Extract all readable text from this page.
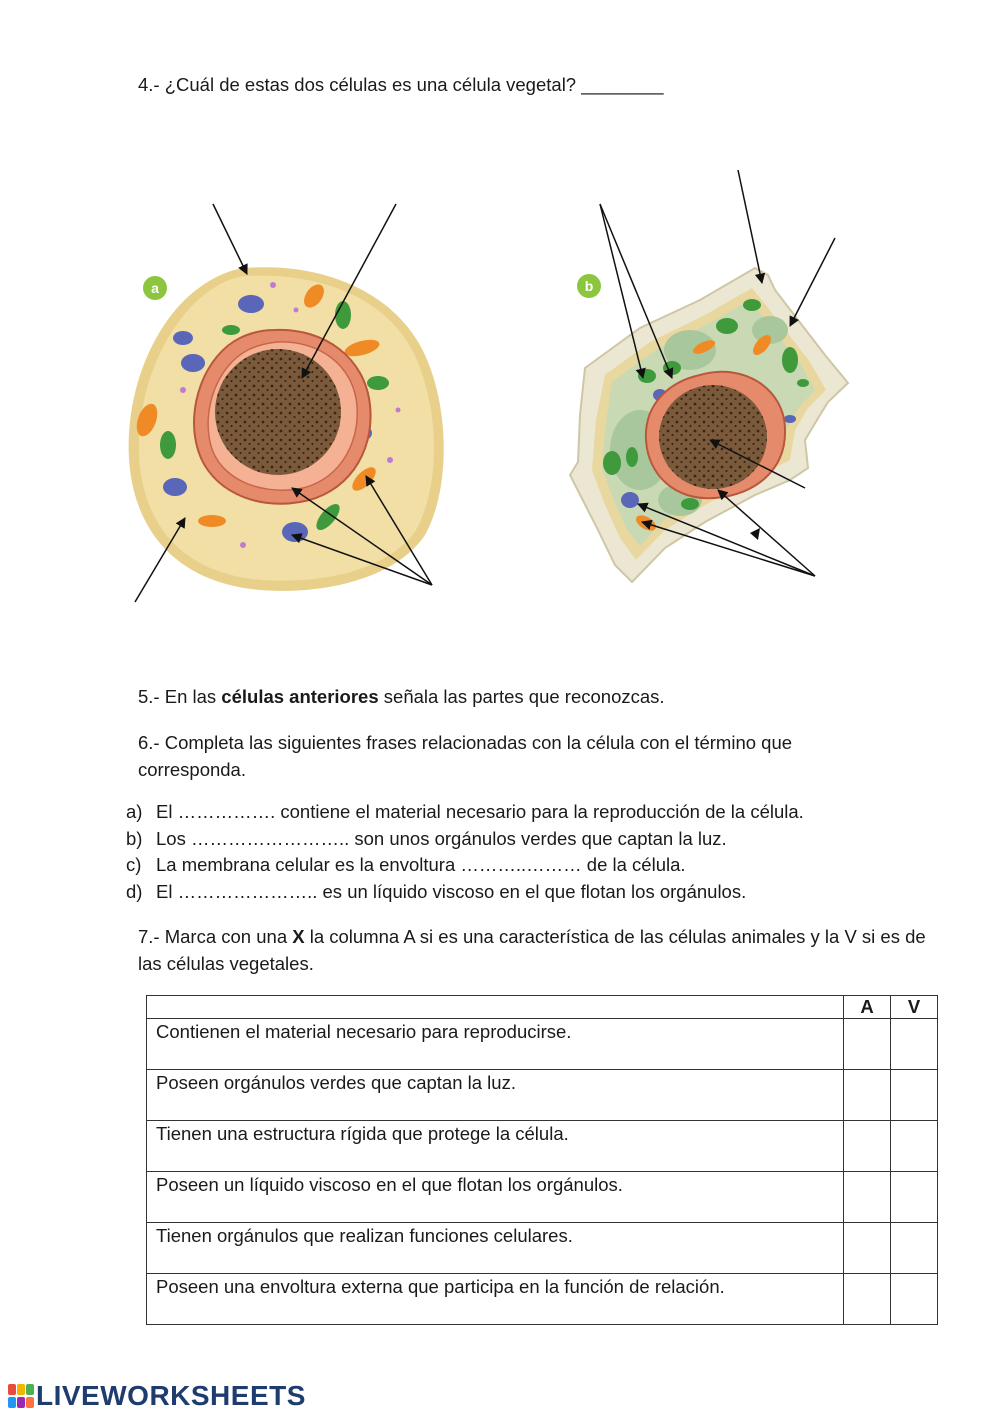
4.- ¿Cuál de estas dos células es una célula vegetal? ________
a	b
5.- En las células anteriores señala las partes que reconozcas.
6.- Completa las siguientes frases relacionadas con la célula con el término que corresponda.
a) El ……………. contiene el material necesario para la reproducción de la célula.
b) Los …………………….. son unos orgánulos verdes que captan la luz.
c) La membrana celular es la envoltura ………..……… de la célula.
d) El ………………….. es un líquido viscoso en el que flotan los orgánulos.
7.- Marca con una X la columna A si es una característica de las células animales y la V si es de las células vegetales.
	A	V
Contienen el material necesario para reproducirse.		
Poseen orgánulos verdes que captan la luz.		
Tienen una estructura rígida que protege la célula.		
Poseen un líquido viscoso en el que flotan los orgánulos.		
Tienen orgánulos que realizan funciones celulares.		
Poseen una envoltura externa que participa en la función de relación.		
LIVEWORKSHEETS
